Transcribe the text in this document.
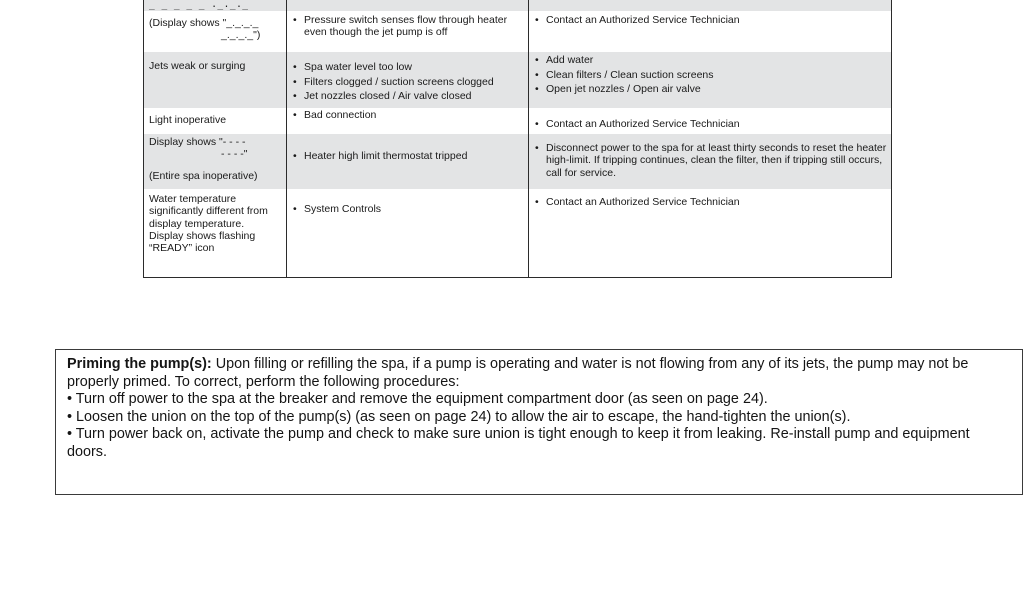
_ _ _ _ _ ._._._
(Display shows "_._._._
_._._._")
• Pressure switch senses flow through heater even though the jet pump is off
• Contact an Authorized Service Technician
Jets weak or surging	• Spa water level too low
• Filters clogged / suction screens clogged
• Jet nozzles closed / Air valve closed
• Add water
• Clean filters / Clean suction screens
• Open jet nozzles / Open air valve
Light inoperative	• Bad connection
• Contact an Authorized Service Technician
Display shows "- - - -
- - - -"
(Entire spa inoperative)
• Heater high limit thermostat tripped
• Disconnect power to the spa for at least thirty seconds to reset the heater high-limit. If tripping continues, clean the filter, then if tripping still occurs, call for service.
Water temperature
significantly different from
display temperature.
Display shows flashing
“READY” icon
• System Controls
• Contact an Authorized Service Technician

Priming the pump(s): Upon filling or refilling the spa, if a pump is operating and water is not flowing from any of its jets, the pump may not be properly primed. To correct, perform the following procedures:

• Turn off power to the spa at the breaker and remove the equipment compartment door (as seen on page 24).

• Loosen the union on the top of the pump(s) (as seen on page 24) to allow the air to escape, the hand-tighten the union(s).

• Turn power back on, activate the pump and check to make sure union is tight enough to keep it from leaking. Re-install pump and equipment doors.
